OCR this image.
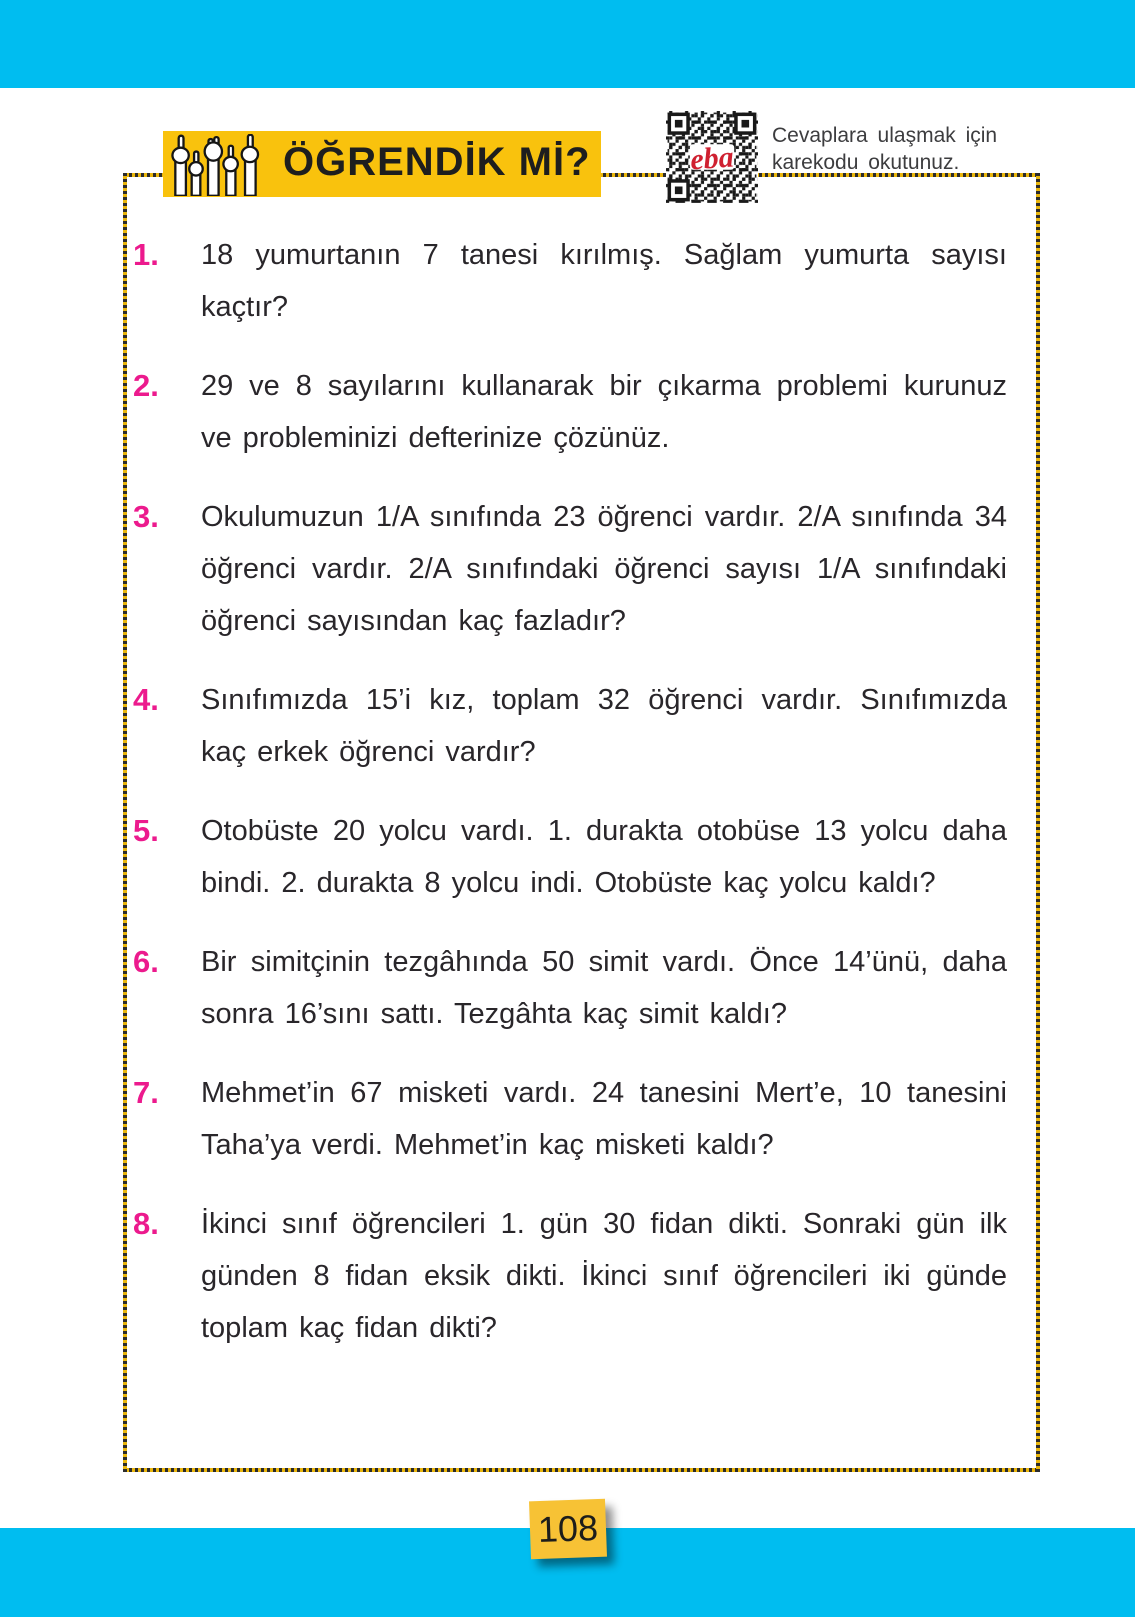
ÖĞRENDİK Mİ?	eba
Cevaplara ulaşmak için karekodu okutunuz.
1.	18 yumurtanın 7 tanesi kırılmış. Sağlam yumurta sayısı kaçtır?

2.	29 ve 8 sayılarını kullanarak bir çıkarma problemi kurunuz ve probleminizi defterinize çözünüz.

3.	Okulumuzun 1/A sınıfında 23 öğrenci vardır. 2/A sınıfında 34 öğrenci vardır. 2/A sınıfındaki öğrenci sayısı 1/A sınıfındaki öğrenci sayısından kaç fazladır?

4.	Sınıfımızda 15’i kız, toplam 32 öğrenci vardır. Sınıfımızda kaç erkek öğrenci vardır?

5.	Otobüste 20 yolcu vardı. 1. durakta otobüse 13 yolcu daha bindi. 2. durakta 8 yolcu indi. Otobüste kaç yolcu kaldı?

6.	Bir simitçinin tezgâhında 50 simit vardı. Önce 14’ünü, daha sonra 16’sını sattı. Tezgâhta kaç simit kaldı?

7.	Mehmet’in 67 misketi vardı. 24 tanesini Mert’e, 10 tanesini Taha’ya verdi. Mehmet’in kaç misketi kaldı?

8.	İkinci sınıf öğrencileri 1. gün 30 fidan dikti. Sonraki gün ilk günden 8 fidan eksik dikti. İkinci sınıf öğrencileri iki günde toplam kaç fidan dikti?

108
